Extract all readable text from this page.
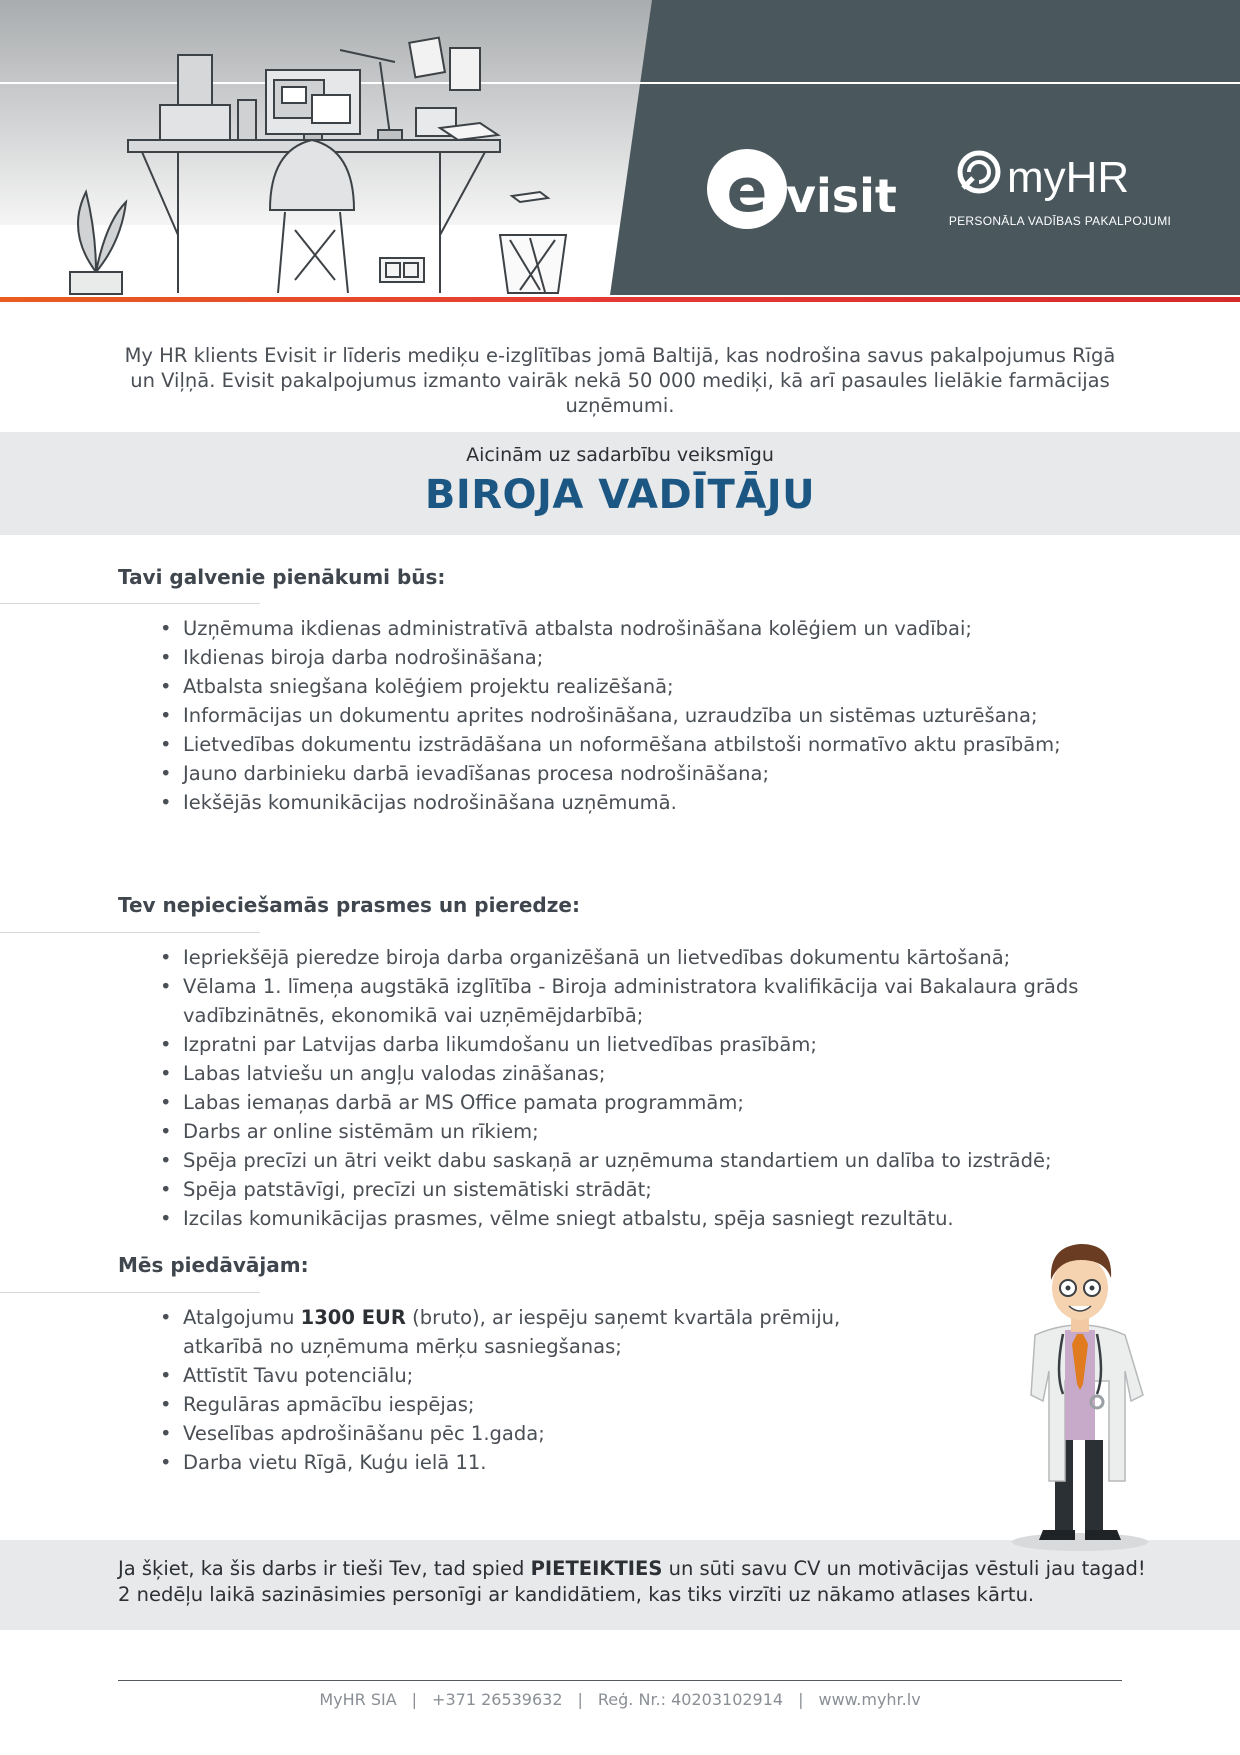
e visit	myHR
PERSONĀLA VADĪBAS PAKALPOJUMI
My HR klients Evisit ir līderis mediķu e-izglītības jomā Baltijā, kas nodrošina savus pakalpojumus Rīgā un Viļņā. Evisit pakalpojumus izmanto vairāk nekā 50 000 mediķi, kā arī pasaules lielākie farmācijas uzņēmumi.
Aicinām uz sadarbību veiksmīgu
BIROJA VADĪTĀJU
Tavi galvenie pienākumi būs:
• Uzņēmuma ikdienas administratīvā atbalsta nodrošināšana kolēģiem un vadībai;
• Ikdienas biroja darba nodrošināšana;
• Atbalsta sniegšana kolēģiem projektu realizēšanā;
• Informācijas un dokumentu aprites nodrošināšana, uzraudzība un sistēmas uzturēšana;
• Lietvedības dokumentu izstrādāšana un noformēšana atbilstoši normatīvo aktu prasībām;
• Jauno darbinieku darbā ievadīšanas procesa nodrošināšana;
• Iekšējās komunikācijas nodrošināšana uzņēmumā.
Tev nepieciešamās prasmes un pieredze:
• Iepriekšējā pieredze biroja darba organizēšanā un lietvedības dokumentu kārtošanā;
• Vēlama 1. līmeņa augstākā izglītība - Biroja administratora kvalifikācija vai Bakalaura grāds vadībzinātnēs, ekonomikā vai uzņēmējdarbībā;
• Izpratni par Latvijas darba likumdošanu un lietvedības prasībām;
• Labas latviešu un angļu valodas zināšanas;
• Labas iemaņas darbā ar MS Office pamata programmām;
• Darbs ar online sistēmām un rīkiem;
• Spēja precīzi un ātri veikt dabu saskaņā ar uzņēmuma standartiem un dalība to izstrādē;
• Spēja patstāvīgi, precīzi un sistemātiski strādāt;
• Izcilas komunikācijas prasmes, vēlme sniegt atbalstu, spēja sasniegt rezultātu.
Mēs piedāvājam:
• Atalgojumu 1300 EUR (bruto), ar iespēju saņemt kvartāla prēmiju,
atkarībā no uzņēmuma mērķu sasniegšanas;
• Attīstīt Tavu potenciālu;
• Regulāras apmācību iespējas;
• Veselības apdrošināšanu pēc 1.gada;
• Darba vietu Rīgā, Kuģu ielā 11.
Ja šķiet, ka šis darbs ir tieši Tev, tad spied PIETEIKTIES un sūti savu CV un motivācijas vēstuli jau tagad!
2 nedēļu laikā sazināsimies personīgi ar kandidātiem, kas tiks virzīti uz nākamo atlases kārtu.
MyHR SIA | +371 26539632 | Reģ. Nr.: 40203102914 | www.myhr.lv
